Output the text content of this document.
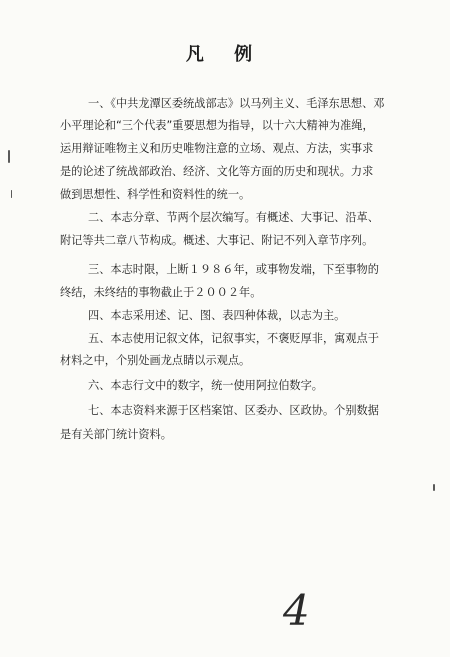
凡 例
一、《中共龙潭区委统战部志》以马列主义、毛泽东思想、邓
小平理论和“三个代表”重要思想为指导，以十六大精神为准绳，
运用辩证唯物主义和历史唯物注意的立场、观点、方法，实事求
是的论述了统战部政治、经济、文化等方面的历史和现状。力求
做到思想性、科学性和资料性的统一。
二、本志分章、节两个层次编写。有概述、大事记、沿革、
附记等共二章八节构成。概述、大事记、附记不列入章节序列。
三、本志时限，上断１９８６年，或事物发端，下至事物的
终结，未终结的事物截止于２００２年。
四、本志采用述、记、图、表四种体裁，以志为主。
五、本志使用记叙文体，记叙事实，不褒贬厚非，寓观点于
材料之中，个别处画龙点睛以示观点。
六、本志行文中的数字，统一使用阿拉伯数字。
七、本志资料来源于区档案馆、区委办、区政协。个别数据
是有关部门统计资料。
4
